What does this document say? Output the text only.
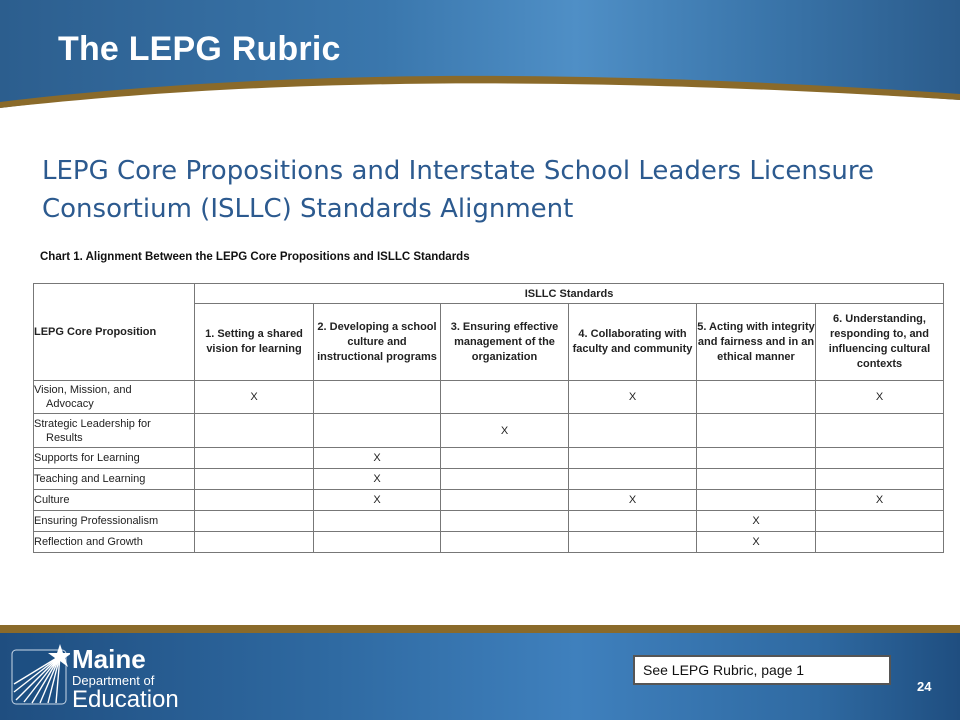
The LEPG Rubric
LEPG Core Propositions and Interstate School Leaders Licensure Consortium (ISLLC) Standards Alignment

Chart 1. Alignment Between the LEPG Core Propositions and ISLLC Standards

LEPG Core Proposition	ISLLC Standards					
	1. Setting a shared vision for learning	2. Developing a school culture and instructional programs	3. Ensuring effective management of the organization	4. Collaborating with faculty and community	5. Acting with integrity and fairness and in an ethical manner	6. Understanding, responding to, and influencing cultural contexts
Vision, Mission, and
Advocacy	X			X		X
Strategic Leadership for
Results			X			
Supports for Learning		X				
Teaching and Learning		X				
Culture		X		X		X
Ensuring Professionalism					X	
Reflection and Growth					X	
Maine
Department of
Education
See LEPG Rubric, page 1
24
